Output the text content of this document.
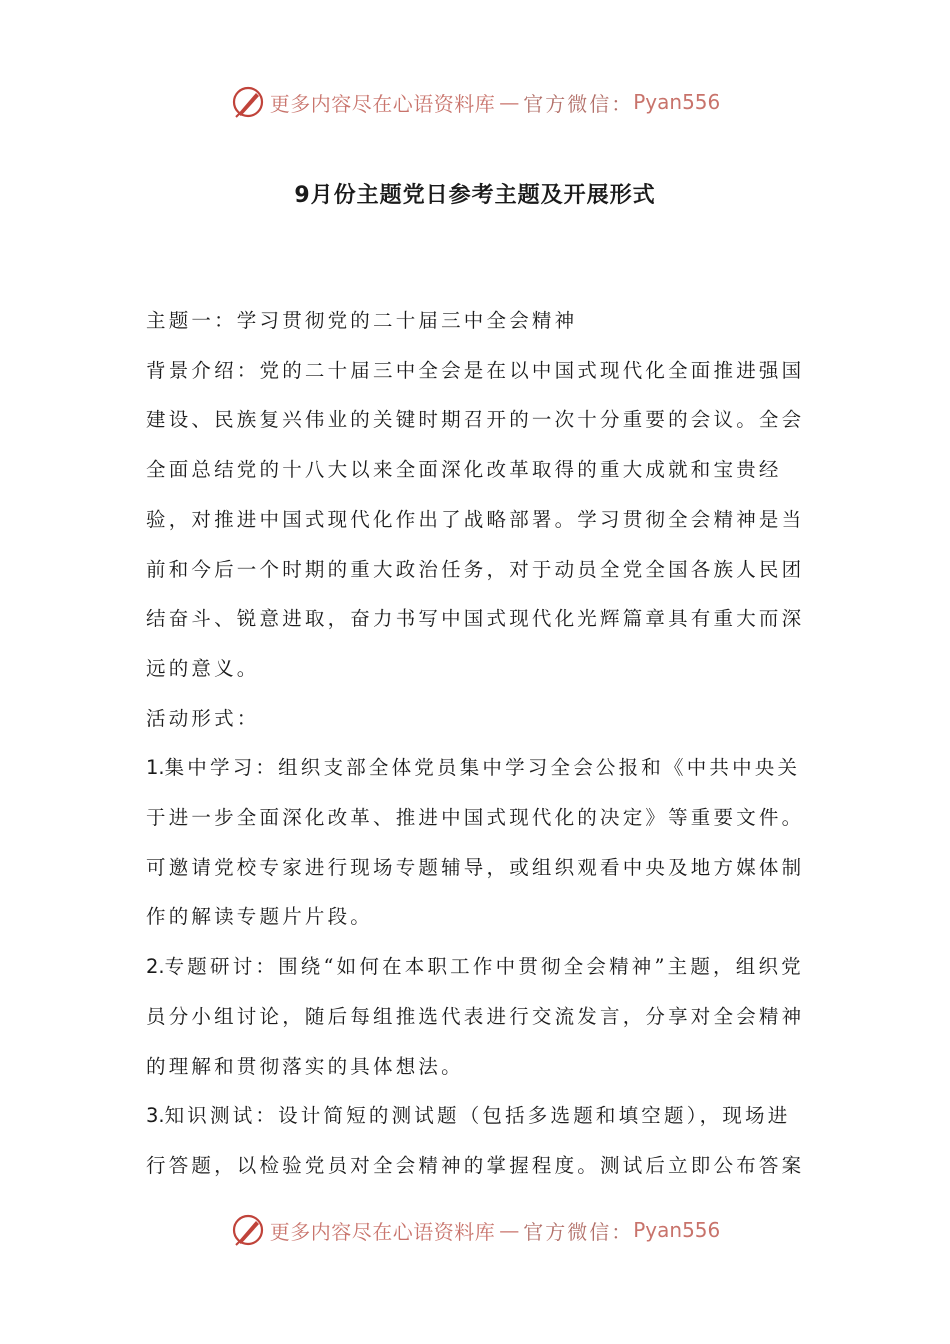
更多内容尽在心语资料库 — 官方微信： Pyan556
9月份主题党日参考主题及开展形式

主题一：学习贯彻党的二十届三中全会精神

背景介绍：党的二十届三中全会是在以中国式现代化全面推进强国建设、民族复兴伟业的关键时期召开的一次十分重要的会议。全会全面总结党的十八大以来全面深化改革取得的重大成就和宝贵经验，对推进中国式现代化作出了战略部署。学习贯彻全会精神是当前和今后一个时期的重大政治任务，对于动员全党全国各族人民团结奋斗、锐意进取，奋力书写中国式现代化光辉篇章具有重大而深远的意义。

活动形式：

1.集中学习：组织支部全体党员集中学习全会公报和《中共中央关于进一步全面深化改革、推进中国式现代化的决定》等重要文件。可邀请党校专家进行现场专题辅导，或组织观看中央及地方媒体制作的解读专题片片段。

2.专题研讨：围绕“如何在本职工作中贯彻全会精神”主题，组织党员分小组讨论，随后每组推选代表进行交流发言，分享对全会精神的理解和贯彻落实的具体想法。

3.知识测试：设计简短的测试题（包括多选题和填空题），现场进行答题，以检验党员对全会精神的掌握程度。测试后立即公布答案

更多内容尽在心语资料库 — 官方微信： Pyan556
